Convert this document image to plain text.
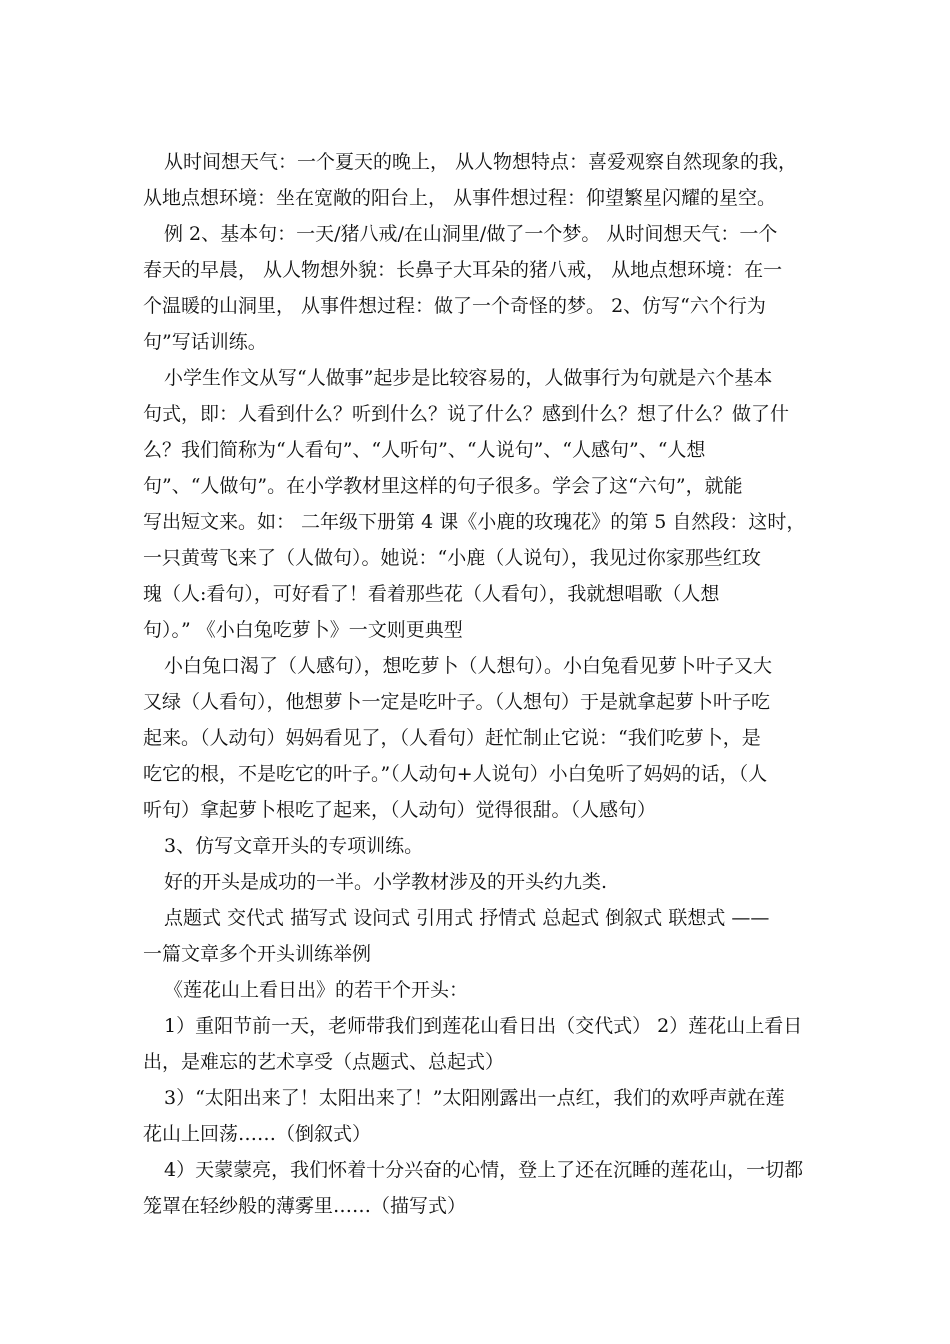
从时间想天气：一个夏天的晚上， 从人物想特点：喜爱观察自然现象的我，
从地点想环境：坐在宽敞的阳台上， 从事件想过程：仰望繁星闪耀的星空。
例 2、基本句：一天/猪八戒/在山洞里/做了一个梦。 从时间想天气：一个
春天的早晨， 从人物想外貌：长鼻子大耳朵的猪八戒， 从地点想环境：在一
个温暖的山洞里， 从事件想过程：做了一个奇怪的梦。 2、仿写“六个行为
句”写话训练。
小学生作文从写“人做事”起步是比较容易的，人做事行为句就是六个基本
句式，即：人看到什么？听到什么？说了什么？感到什么？想了什么？做了什
么？我们简称为“人看句”、“人听句”、“人说句”、“人感句”、“人想
句”、“人做句”。在小学教材里这样的句子很多。学会了这“六句”，就能
写出短文来。如： 二年级下册第 4 课《小鹿的玫瑰花》的第 5 自然段：这时，
一只黄莺飞来了（人做句）。她说：“小鹿（人说句），我见过你家那些红玫
瑰（人:看句），可好看了！看着那些花（人看句），我就想唱歌（人想
句）。” 《小白兔吃萝卜》一文则更典型
小白兔口渴了（人感句），想吃萝卜（人想句）。小白兔看见萝卜叶子又大
又绿（人看句），他想萝卜一定是吃叶子。（人想句）于是就拿起萝卜叶子吃
起来。（人动句）妈妈看见了，（人看句）赶忙制止它说：“我们吃萝卜，是
吃它的根，不是吃它的叶子。”（人动句+人说句）小白兔听了妈妈的话，（人
听句）拿起萝卜根吃了起来，（人动句）觉得很甜。（人感句）
3、仿写文章开头的专项训练。
好的开头是成功的一半。小学教材涉及的开头约九类.
点题式 交代式 描写式 设问式 引用式 抒情式 总起式 倒叙式 联想式 ——
一篇文章多个开头训练举例
《莲花山上看日出》的若干个开头：
1）重阳节前一天，老师带我们到莲花山看日出（交代式） 2）莲花山上看日
出，是难忘的艺术享受（点题式、总起式）
3）“太阳出来了！太阳出来了！”太阳刚露出一点红，我们的欢呼声就在莲
花山上回荡……（倒叙式）
4）天蒙蒙亮，我们怀着十分兴奋的心情，登上了还在沉睡的莲花山，一切都
笼罩在轻纱般的薄雾里……（描写式）
